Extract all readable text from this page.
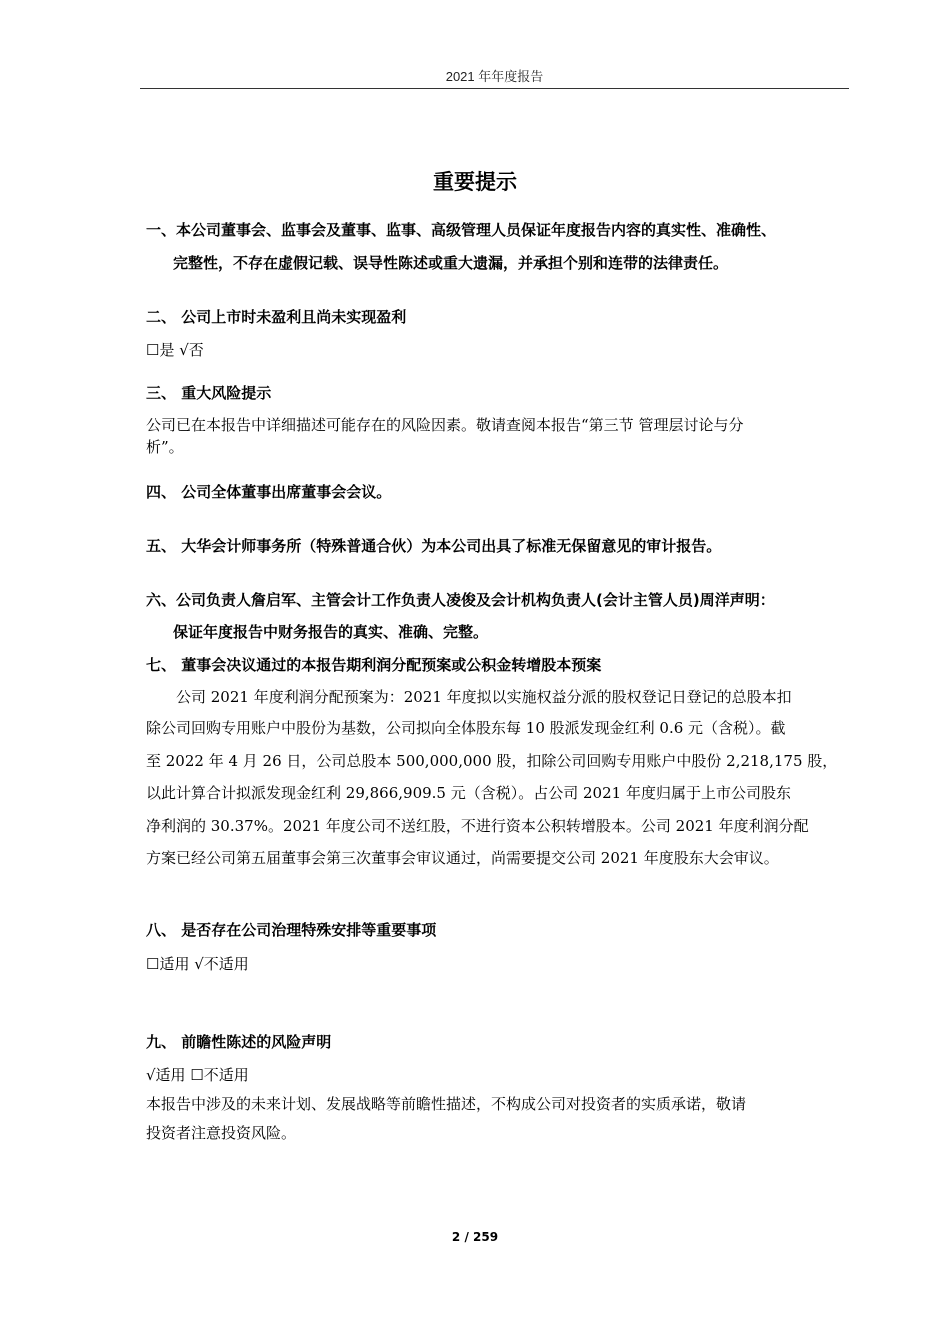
2021 年年度报告
重要提示
一、本公司董事会、监事会及董事、监事、高级管理人员保证年度报告内容的真实性、准确性、
完整性，不存在虚假记载、误导性陈述或重大遗漏，并承担个别和连带的法律责任。
二、 公司上市时未盈利且尚未实现盈利
☐是 √否
三、 重大风险提示
公司已在本报告中详细描述可能存在的风险因素。敬请查阅本报告“第三节 管理层讨论与分
析”。
四、 公司全体董事出席董事会会议。
五、 大华会计师事务所（特殊普通合伙）为本公司出具了标准无保留意见的审计报告。
六、公司负责人詹启军、主管会计工作负责人凌俊及会计机构负责人(会计主管人员)周洋声明：
保证年度报告中财务报告的真实、准确、完整。
七、 董事会决议通过的本报告期利润分配预案或公积金转增股本预案
公司 2021 年度利润分配预案为：2021 年度拟以实施权益分派的股权登记日登记的总股本扣
除公司回购专用账户中股份为基数，公司拟向全体股东每 10 股派发现金红利 0.6 元（含税）。截
至 2022 年 4 月 26 日，公司总股本 500,000,000 股，扣除公司回购专用账户中股份 2,218,175 股，
以此计算合计拟派发现金红利 29,866,909.5 元（含税）。占公司 2021 年度归属于上市公司股东
净利润的 30.37%。2021 年度公司不送红股，不进行资本公积转增股本。公司 2021 年度利润分配
方案已经公司第五届董事会第三次董事会审议通过，尚需要提交公司 2021 年度股东大会审议。
八、 是否存在公司治理特殊安排等重要事项
☐适用 √不适用
九、 前瞻性陈述的风险声明
√适用 ☐不适用
本报告中涉及的未来计划、发展战略等前瞻性描述，不构成公司对投资者的实质承诺，敬请
投资者注意投资风险。
2 / 259
